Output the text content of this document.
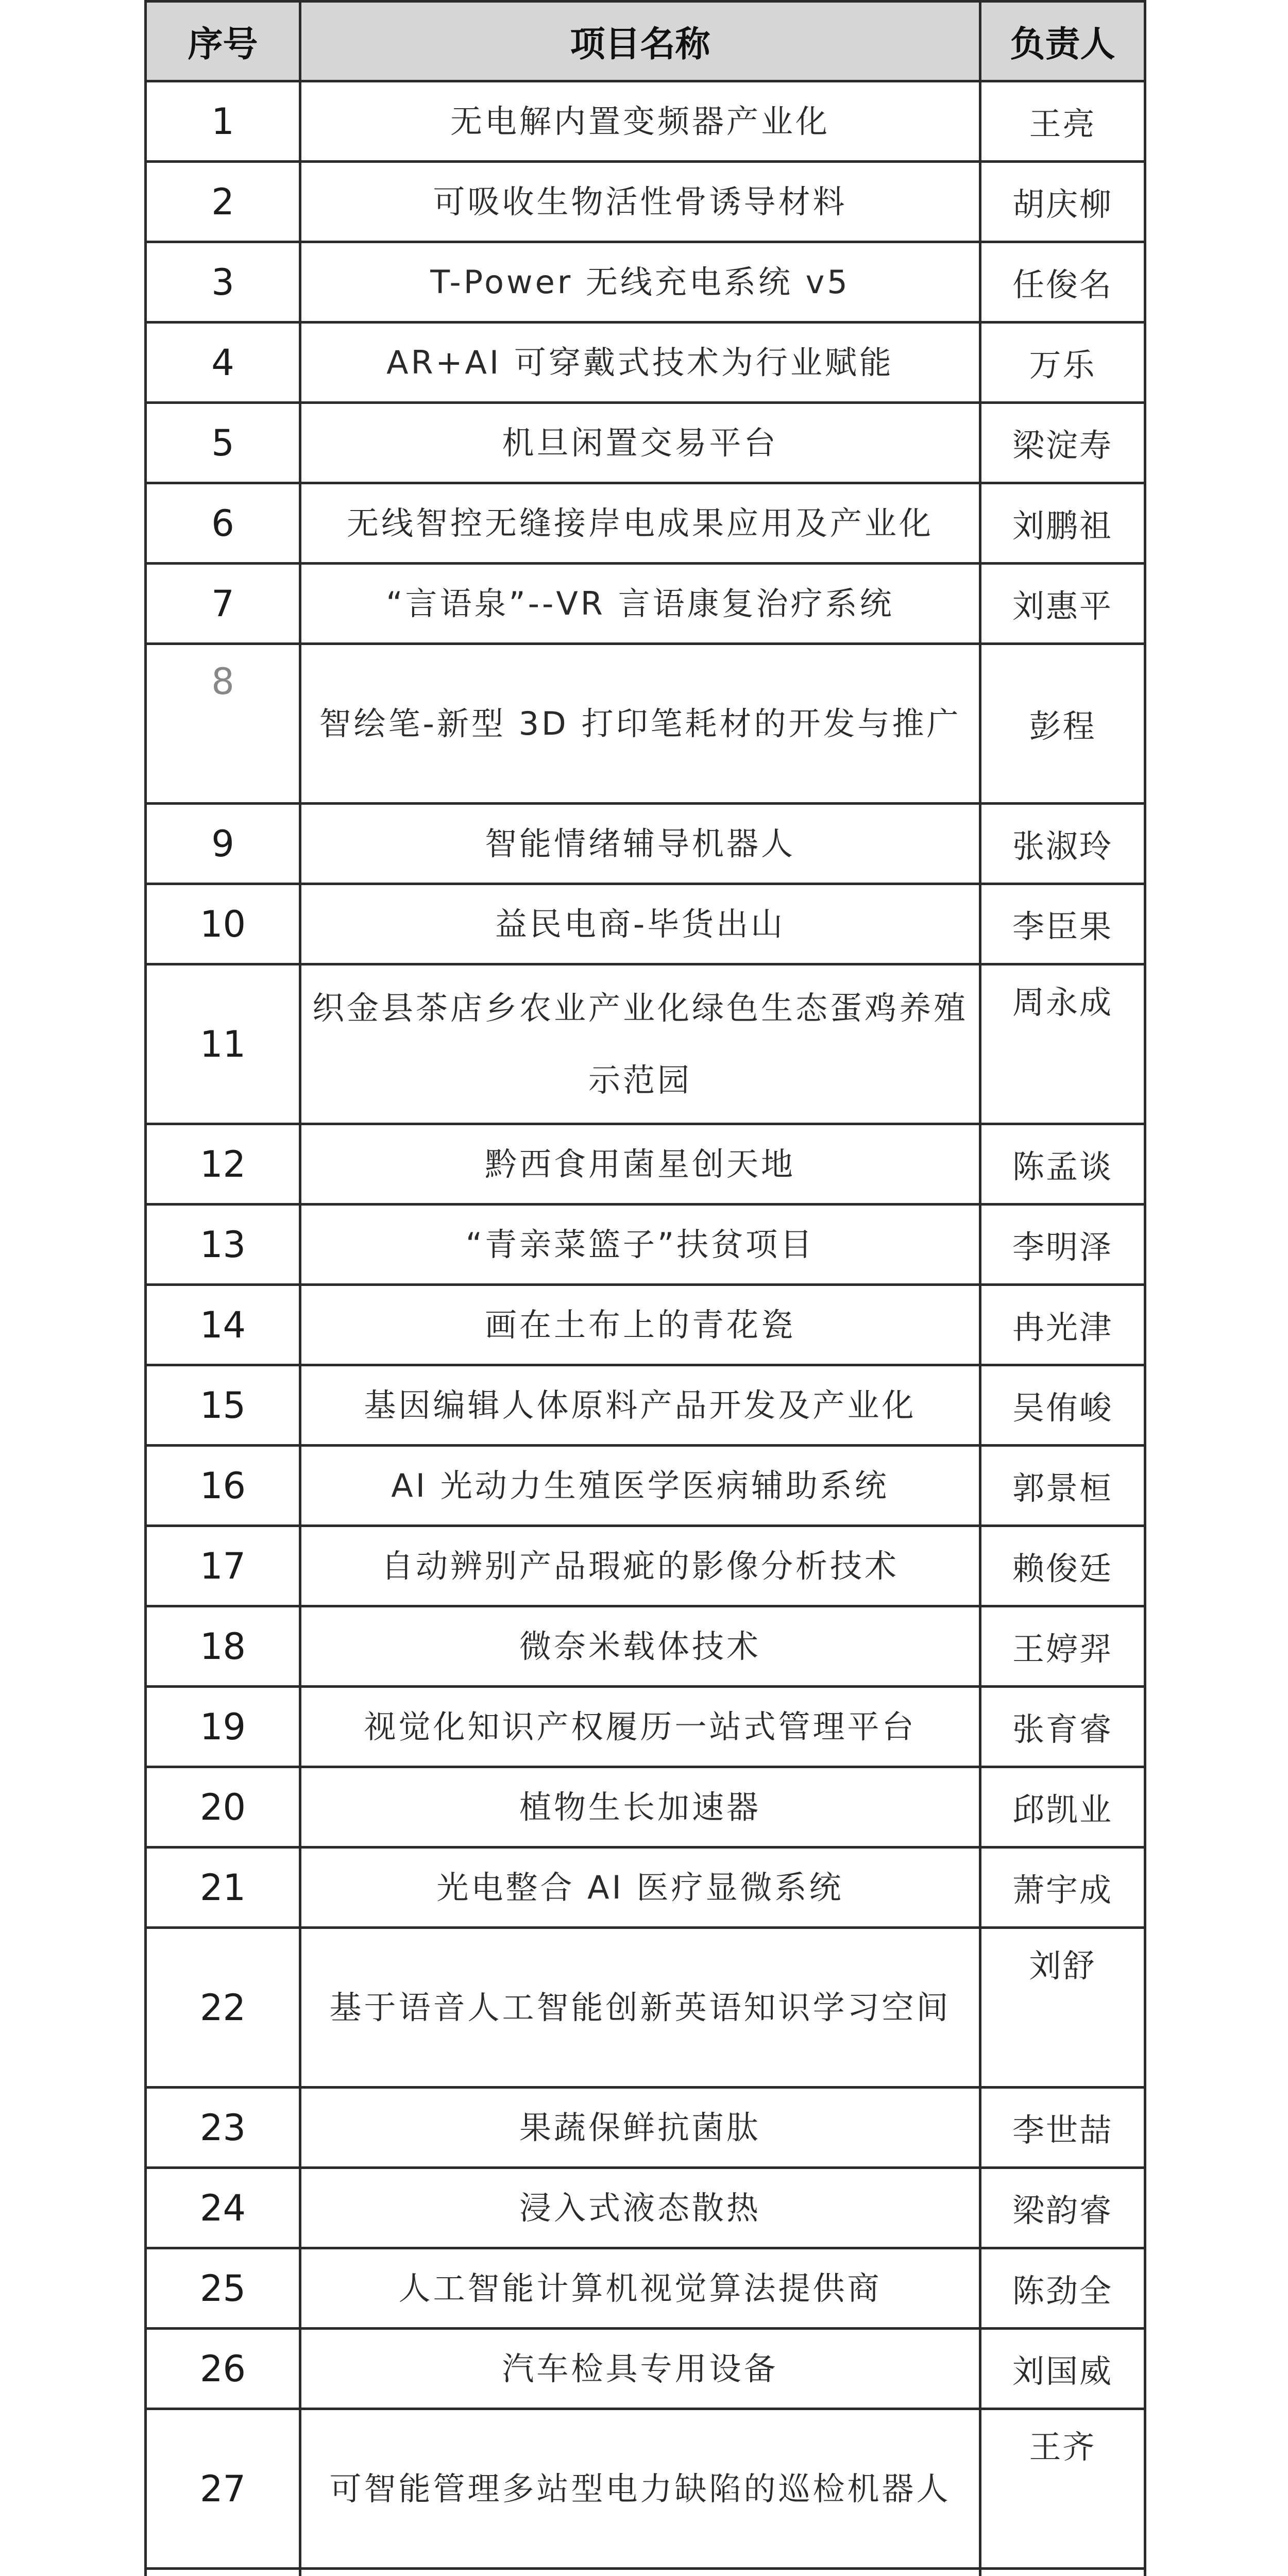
序号	项目名称	负责人
1	无电解内置变频器产业化	王亮
2	可吸收生物活性骨诱导材料	胡庆柳
3	T-Power 无线充电系统 v5	任俊名
4	AR+AI 可穿戴式技术为行业赋能	万乐
5	机旦闲置交易平台	梁淀寿
6	无线智控无缝接岸电成果应用及产业化	刘鹏祖
7	“言语泉”--VR 言语康复治疗系统	刘惠平
8	智绘笔-新型 3D 打印笔耗材的开发与推广	彭程
9	智能情绪辅导机器人	张淑玲
10	益民电商-毕货出山	李臣果
11	织金县茶店乡农业产业化绿色生态蛋鸡养殖示范园	周永成
12	黔西食用菌星创天地	陈孟谈
13	“青亲菜篮子”扶贫项目	李明泽
14	画在土布上的青花瓷	冉光津
15	基因编辑人体原料产品开发及产业化	吴侑峻
16	AI 光动力生殖医学医病辅助系统	郭景桓
17	自动辨别产品瑕疵的影像分析技术	赖俊廷
18	微奈米载体技术	王婷羿
19	视觉化知识产权履历一站式管理平台	张育睿
20	植物生长加速器	邱凯业
21	光电整合 AI 医疗显微系统	萧宇成
22	基于语音人工智能创新英语知识学习空间	刘舒
23	果蔬保鲜抗菌肽	李世喆
24	浸入式液态散热	梁韵睿
25	人工智能计算机视觉算法提供商	陈劲全
26	汽车检具专用设备	刘国威
27	可智能管理多站型电力缺陷的巡检机器人	王齐
